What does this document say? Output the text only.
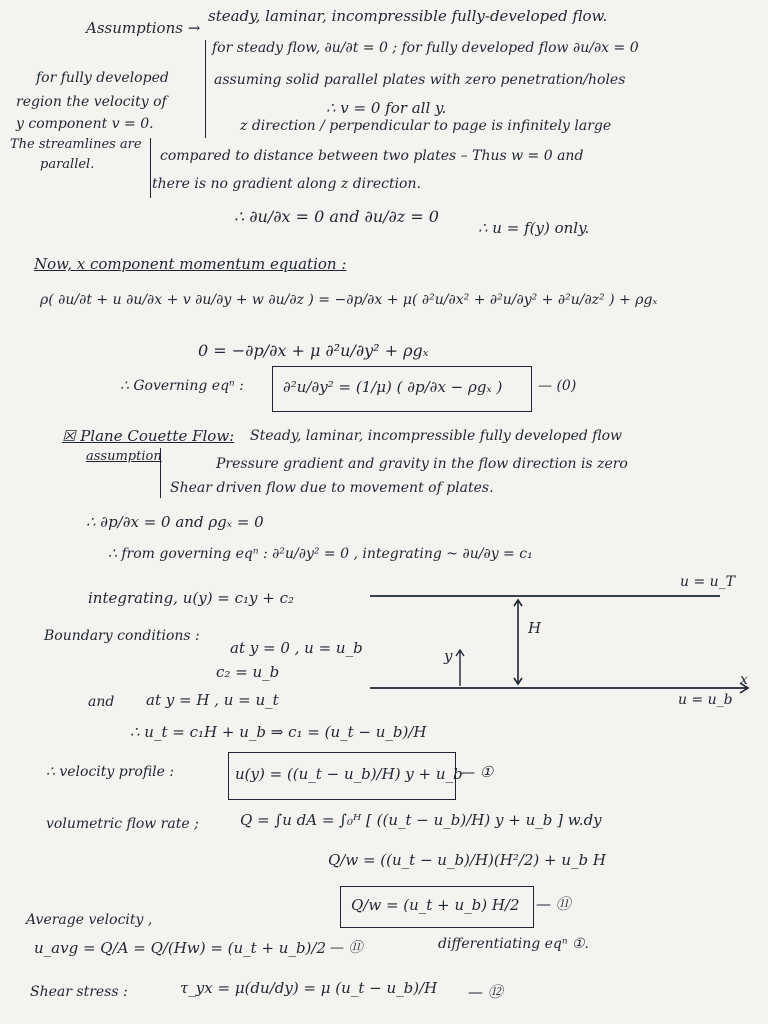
Assumptions →
steady, laminar, incompressible fully-developed flow.
for steady flow, ∂u/∂t = 0 ; for fully developed flow ∂u/∂x = 0
assuming solid parallel plates with zero penetration/holes
∴ v = 0 for all y.
for fully developed
region the velocity of
y component v = 0.
The streamlines are
parallel.
z direction / perpendicular to page is infinitely large
compared to distance between two plates – Thus w = 0 and
there is no gradient along z direction.
∴ ∂u/∂x = 0 and ∂u/∂z = 0
∴ u = f(y) only.
Now, x component momentum equation :
ρ( ∂u/∂t + u ∂u/∂x + v ∂u/∂y + w ∂u/∂z ) = −∂p/∂x + μ( ∂²u/∂x² + ∂²u/∂y² + ∂²u/∂z² ) + ρgₓ
0 = −∂p/∂x + μ ∂²u/∂y² + ρgₓ
∴ Governing eqⁿ :	∂²u/∂y² = (1/μ) ( ∂p/∂x − ρgₓ )	— (0)
☒ Plane Couette Flow: Steady, laminar, incompressible fully developed flow
assumption	Pressure gradient and gravity in the flow direction is zero
Shear driven flow due to movement of plates.
∴ ∂p/∂x = 0 and ρgₓ = 0
∴ from governing eqⁿ : ∂²u/∂y² = 0 , integrating ~ ∂u/∂y = c₁
integrating, u(y) = c₁y + c₂
Boundary conditions :
at y = 0 , u = u_b
c₂ = u_b
and at y = H , u = u_t
∴ u_t = c₁H + u_b ⇒ c₁ = (u_t − u_b)/H
∴ velocity profile :	u(y) = ((u_t − u_b)/H) y + u_b
— ①
volumetric flow rate ;	Q = ∫u dA = ∫₀ᴴ [ ((u_t − u_b)/H) y + u_b ] w.dy
Q/w = ((u_t − u_b)/H)(H²/2) + u_b H
Q/w = (u_t + u_b) H/2 — ⑪
Average velocity ,
u_avg = Q/A = Q/(Hw) = (u_t + u_b)/2 — ⑪	differentiating eqⁿ ①.
Shear stress :	τ_yx = μ(du/dy) = μ (u_t − u_b)/H — ⑫
u = u_T
u = u_b
H
y
x
